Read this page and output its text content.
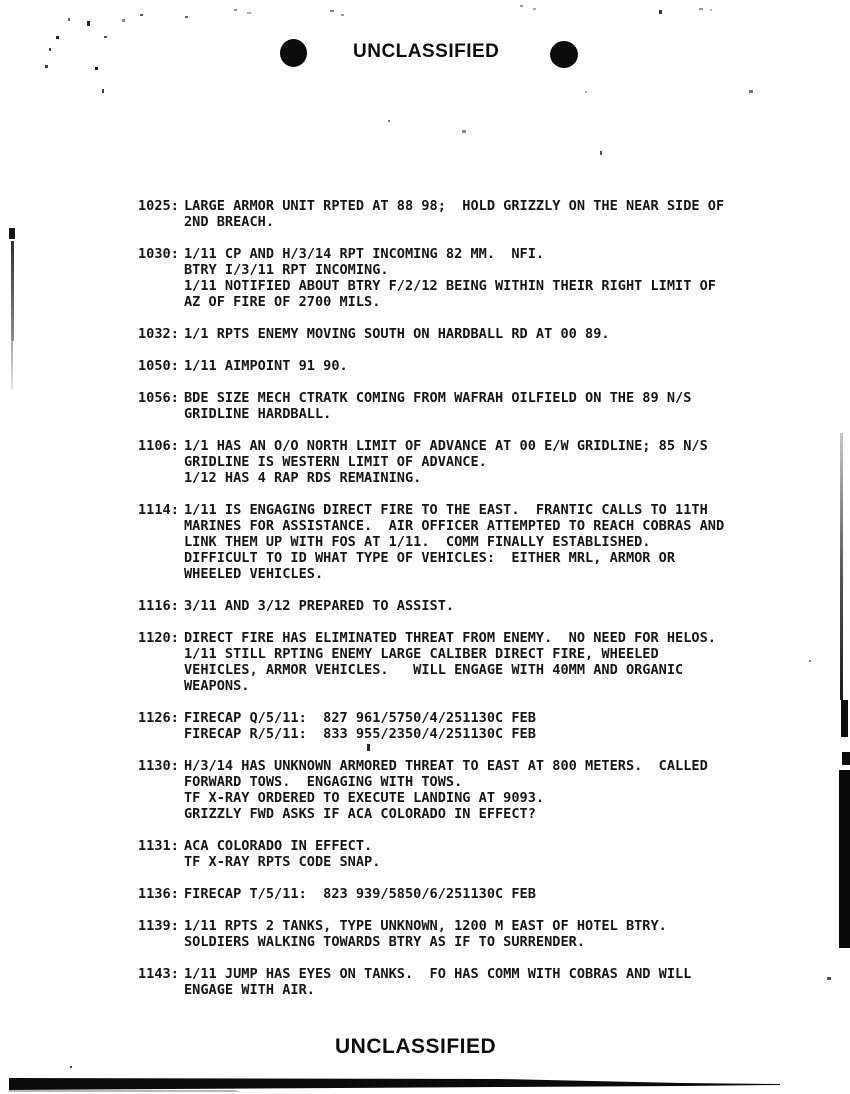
UNCLASSIFIED
1025: LARGE ARMOR UNIT RPTED AT 88 98;  HOLD GRIZZLY ON THE NEAR SIDE OF
2ND BREACH.
1030: 1/11 CP AND H/3/14 RPT INCOMING 82 MM.  NFI.
BTRY I/3/11 RPT INCOMING.
1/11 NOTIFIED ABOUT BTRY F/2/12 BEING WITHIN THEIR RIGHT LIMIT OF
AZ OF FIRE OF 2700 MILS.
1032: 1/1 RPTS ENEMY MOVING SOUTH ON HARDBALL RD AT 00 89.
1050: 1/11 AIMPOINT 91 90.
1056: BDE SIZE MECH CTRATK COMING FROM WAFRAH OILFIELD ON THE 89 N/S
GRIDLINE HARDBALL.
1106: 1/1 HAS AN O/O NORTH LIMIT OF ADVANCE AT 00 E/W GRIDLINE; 85 N/S
GRIDLINE IS WESTERN LIMIT OF ADVANCE.
1/12 HAS 4 RAP RDS REMAINING.
1114: 1/11 IS ENGAGING DIRECT FIRE TO THE EAST.  FRANTIC CALLS TO 11TH
MARINES FOR ASSISTANCE.  AIR OFFICER ATTEMPTED TO REACH COBRAS AND
LINK THEM UP WITH FOS AT 1/11.  COMM FINALLY ESTABLISHED.
DIFFICULT TO ID WHAT TYPE OF VEHICLES:  EITHER MRL, ARMOR OR
WHEELED VEHICLES.
1116: 3/11 AND 3/12 PREPARED TO ASSIST.
1120: DIRECT FIRE HAS ELIMINATED THREAT FROM ENEMY.  NO NEED FOR HELOS.
1/11 STILL RPTING ENEMY LARGE CALIBER DIRECT FIRE, WHEELED
VEHICLES, ARMOR VEHICLES.   WILL ENGAGE WITH 40MM AND ORGANIC
WEAPONS.
1126: FIRECAP Q/5/11:  827 961/5750/4/251130C FEB
FIRECAP R/5/11:  833 955/2350/4/251130C FEB
1130: H/3/14 HAS UNKNOWN ARMORED THREAT TO EAST AT 800 METERS.  CALLED
FORWARD TOWS.  ENGAGING WITH TOWS.
TF X-RAY ORDERED TO EXECUTE LANDING AT 9093.
GRIZZLY FWD ASKS IF ACA COLORADO IN EFFECT?
1131: ACA COLORADO IN EFFECT.
TF X-RAY RPTS CODE SNAP.
1136: FIRECAP T/5/11:  823 939/5850/6/251130C FEB
1139: 1/11 RPTS 2 TANKS, TYPE UNKNOWN, 1200 M EAST OF HOTEL BTRY.
SOLDIERS WALKING TOWARDS BTRY AS IF TO SURRENDER.
1143: 1/11 JUMP HAS EYES ON TANKS.  FO HAS COMM WITH COBRAS AND WILL
ENGAGE WITH AIR.
UNCLASSIFIED
